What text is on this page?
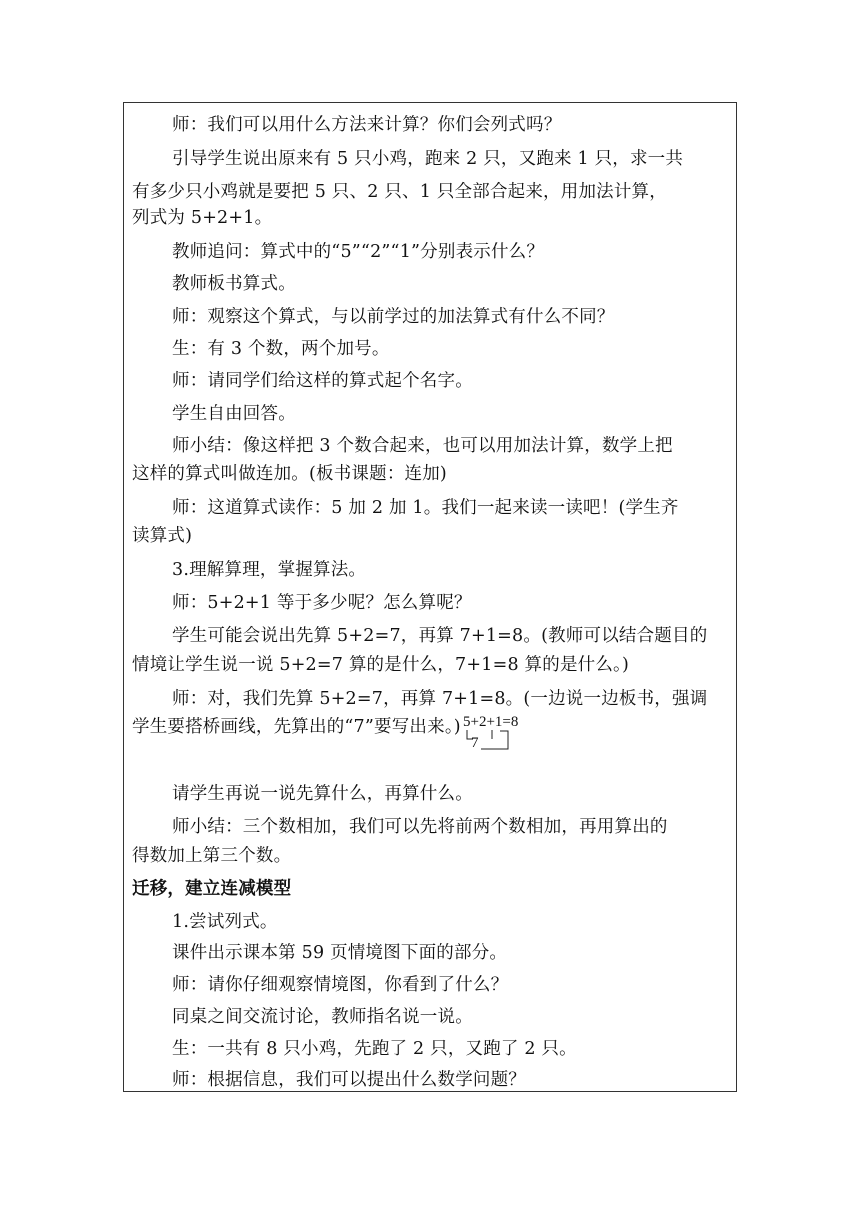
师：我们可以用什么方法来计算？你们会列式吗？
引导学生说出原来有 5 只小鸡，跑来 2 只，又跑来 1 只，求一共
有多少只小鸡就是要把 5 只、2 只、1 只全部合起来，用加法计算，
列式为 5+2+1。
教师追问：算式中的“5”“2”“1”分别表示什么？
教师板书算式。
师：观察这个算式，与以前学过的加法算式有什么不同？
生：有 3 个数，两个加号。
师：请同学们给这样的算式起个名字。
学生自由回答。
师小结：像这样把 3 个数合起来，也可以用加法计算，数学上把
这样的算式叫做连加。(板书课题：连加)
师：这道算式读作：5 加 2 加 1。我们一起来读一读吧！(学生齐
读算式)
3.理解算理，掌握算法。
师：5+2+1 等于多少呢？怎么算呢？
学生可能会说出先算 5+2=7，再算 7+1=8。(教师可以结合题目的
情境让学生说一说 5+2=7 算的是什么，7+1=8 算的是什么。)
师：对，我们先算 5+2=7，再算 7+1=8。(一边说一边板书，强调
学生要搭桥画线，先算出的“7”要写出来。) 5+2+1=8
7
请学生再说一说先算什么，再算什么。
师小结：三个数相加，我们可以先将前两个数相加，再用算出的
得数加上第三个数。
迁移，建立连减模型
1.尝试列式。
课件出示课本第 59 页情境图下面的部分。
师：请你仔细观察情境图，你看到了什么？
同桌之间交流讨论，教师指名说一说。
生：一共有 8 只小鸡，先跑了 2 只，又跑了 2 只。
师：根据信息，我们可以提出什么数学问题？
